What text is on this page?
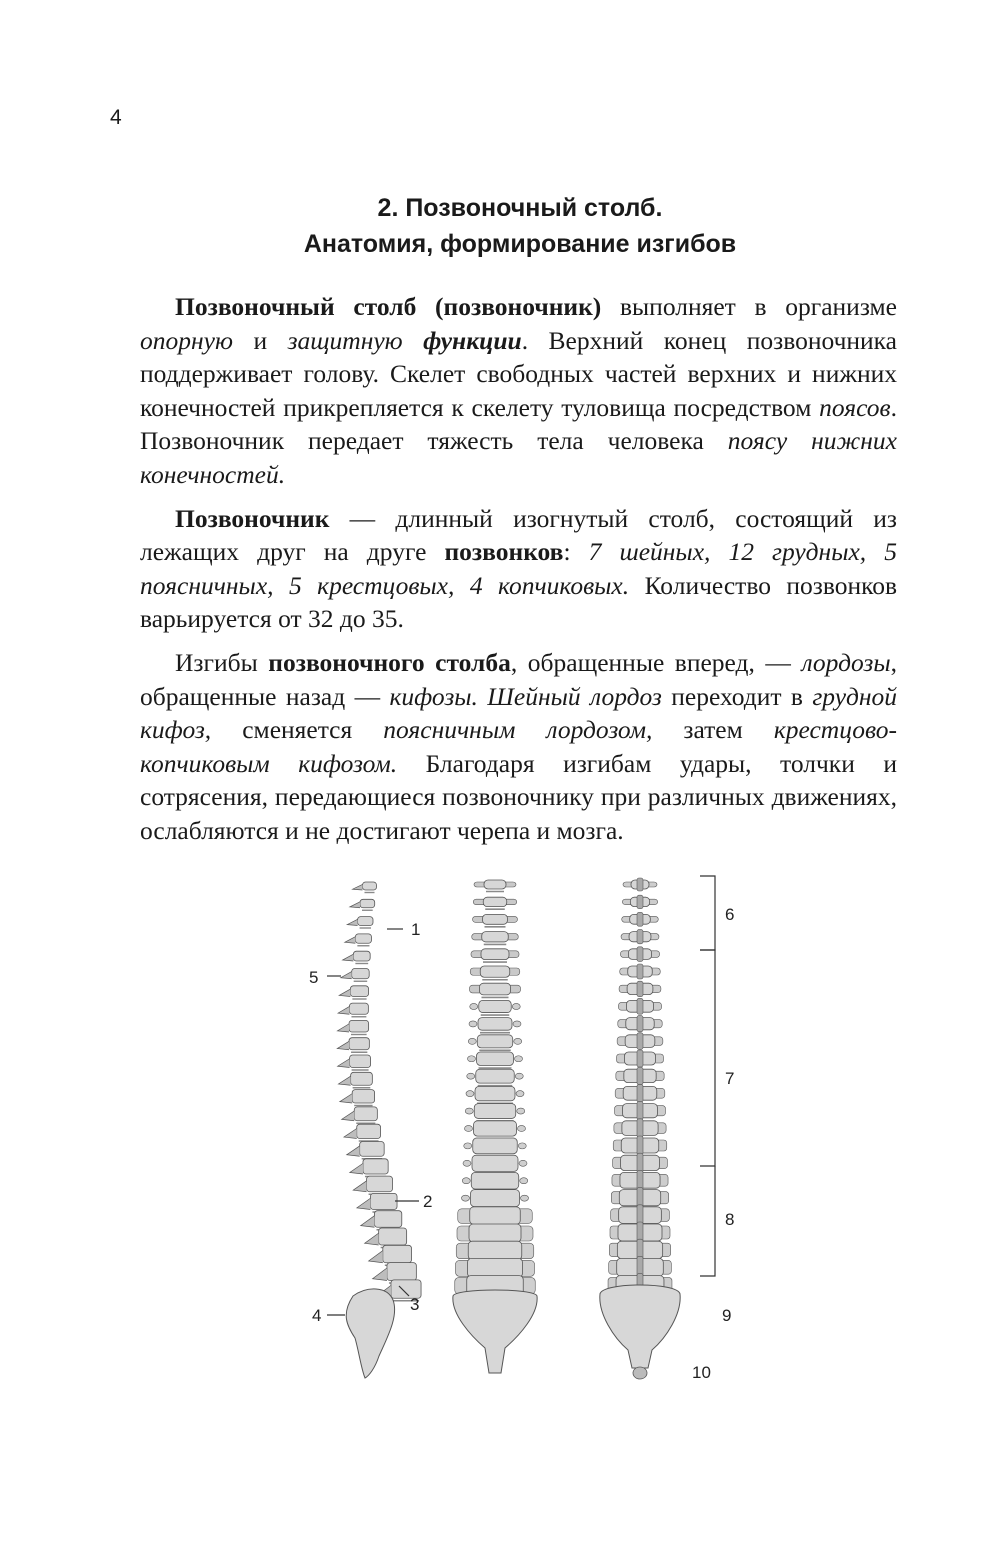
4
2. Позвоночный столб.
Анатомия, формирование изгибов

Позвоночный столб (позвоночник) выполняет в организме опорную и защитную функции. Верхний конец позвоночника поддерживает голову. Скелет свободных частей верхних и нижних конечностей прикрепляется к скелету туловища посредством поясов. Позвоночник передает тяжесть тела человека поясу нижних конечностей.

Позвоночник — длинный изогнутый столб, состоящий из лежащих друг на друге позвонков: 7 шейных, 12 грудных, 5 поясничных, 5 крестцовых, 4 копчиковых. Количество позвонков варьируется от 32 до 35.

Изгибы позвоночного столба, обращенные вперед, — лордозы, обращенные назад — кифозы. Шейный лордоз переходит в грудной кифоз, сменяется поясничным лордозом, затем крестцово-копчиковым кифозом. Благодаря изгибам удары, толчки и сотрясения, передающиеся позвоночнику при различных движениях, ослабляются и не достигают черепа и мозга.

1
2
3
4
5
6
7
8
9
10
